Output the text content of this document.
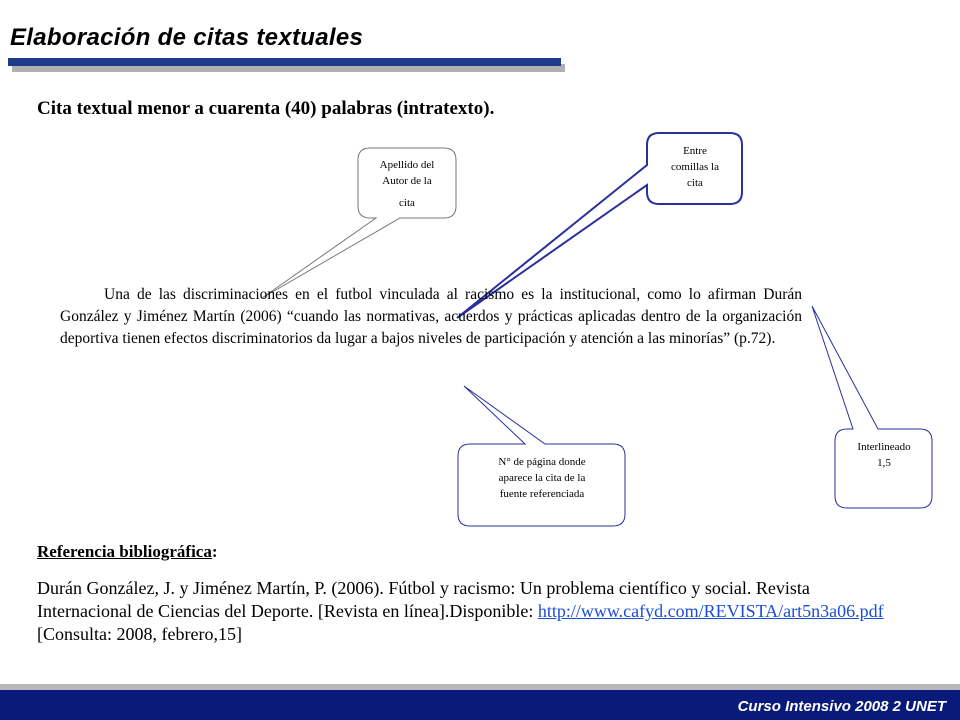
Elaboración de citas textuales
Cita textual menor a cuarenta (40) palabras (intratexto).
Apellido del
Autor de la
cita
Entre
comillas la
cita
N° de página donde
aparece la cita de la
fuente referenciada
Interlineado
1,5
Una de las discriminaciones en el futbol vinculada al racismo es la institucional, como lo afirman Durán González y Jiménez Martín (2006) “cuando las normativas, acuerdos y prácticas aplicadas dentro de la organización deportiva tienen efectos discriminatorios da lugar a bajos niveles de participación y atención a las minorías” (p.72).
Referencia bibliográfica:
Durán González, J. y Jiménez Martín, P. (2006). Fútbol y racismo: Un problema científico y social. Revista Internacional de Ciencias del Deporte. [Revista en línea].Disponible: http://www.cafyd.com/REVISTA/art5n3a06.pdf [Consulta: 2008, febrero,15]
Curso Intensivo 2008 2 UNET
